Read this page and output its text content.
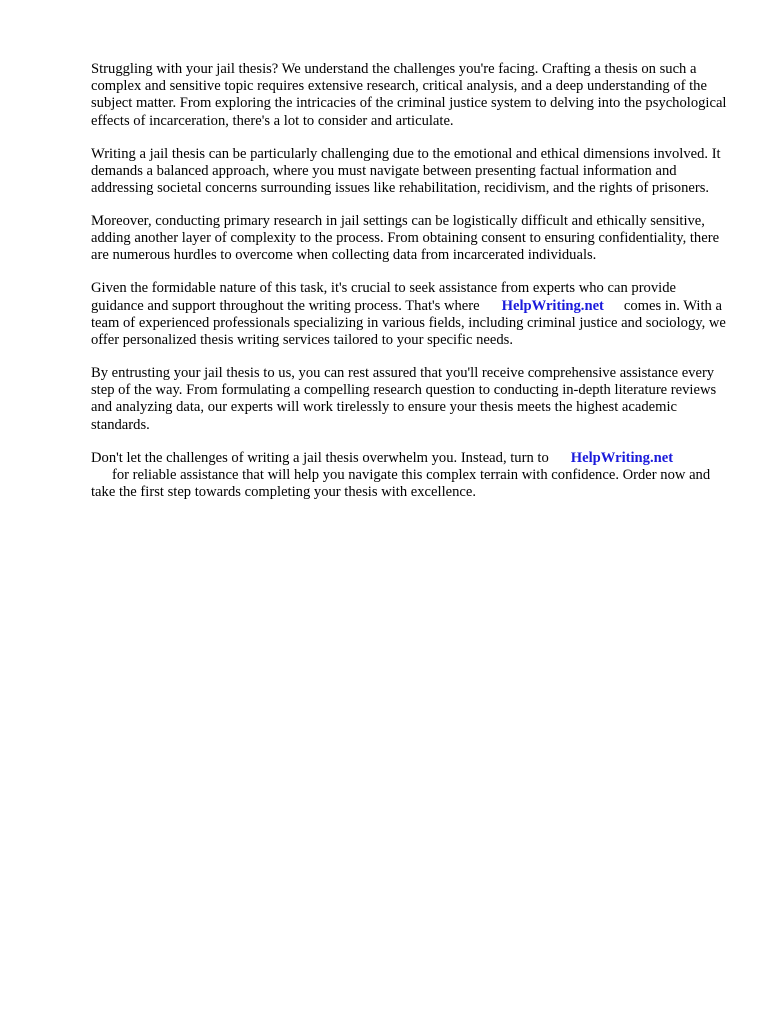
Struggling with your jail thesis? We understand the challenges you're facing. Crafting a thesis on such a complex and sensitive topic requires extensive research, critical analysis, and a deep understanding of the subject matter. From exploring the intricacies of the criminal justice system to delving into the psychological effects of incarceration, there's a lot to consider and articulate.

Writing a jail thesis can be particularly challenging due to the emotional and ethical dimensions involved. It demands a balanced approach, where you must navigate between presenting factual information and addressing societal concerns surrounding issues like rehabilitation, recidivism, and the rights of prisoners.

Moreover, conducting primary research in jail settings can be logistically difficult and ethically sensitive, adding another layer of complexity to the process. From obtaining consent to ensuring confidentiality, there are numerous hurdles to overcome when collecting data from incarcerated individuals.

Given the formidable nature of this task, it's crucial to seek assistance from experts who can provide guidance and support throughout the writing process. That's where HelpWriting.net comes in. With a team of experienced professionals specializing in various fields, including criminal justice and sociology, we offer personalized thesis writing services tailored to your specific needs.

By entrusting your jail thesis to us, you can rest assured that you'll receive comprehensive assistance every step of the way. From formulating a compelling research question to conducting in-depth literature reviews and analyzing data, our experts will work tirelessly to ensure your thesis meets the highest academic standards.

Don't let the challenges of writing a jail thesis overwhelm you. Instead, turn to HelpWriting.net
for reliable assistance that will help you navigate this complex terrain with confidence. Order now and take the first step towards completing your thesis with excellence.
